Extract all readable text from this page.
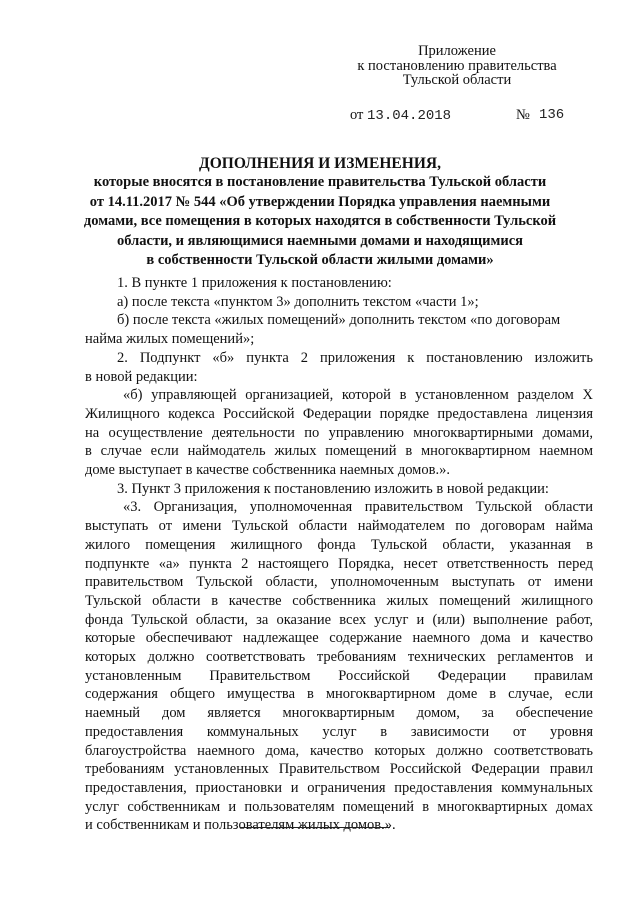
Приложение
к постановлению правительства
Тульской области
от 13.04.2018	№ 136
ДОПОЛНЕНИЯ И ИЗМЕНЕНИЯ,
которые вносятся в постановление правительства Тульской области
от 14.11.2017 № 544 «Об утверждении Порядка управления наемными
домами, все помещения в которых находятся в собственности Тульской
области, и являющимися наемными домами и находящимися
в собственности Тульской области жилыми домами»
1. В пункте 1 приложения к постановлению:
а) после текста «пунктом 3» дополнить текстом «части 1»;
б) после текста «жилых помещений» дополнить текстом «по договорам
найма жилых помещений»;
2. Подпункт «б» пункта 2 приложения к постановлению изложить
в новой редакции:
«б) управляющей организацией, которой в установленном разделом X
Жилищного кодекса Российской Федерации порядке предоставлена лицензия
на осуществление деятельности по управлению многоквартирными домами,
в случае если наймодатель жилых помещений в многоквартирном наемном
доме выступает в качестве собственника наемных домов.».
3. Пункт 3 приложения к постановлению изложить в новой редакции:
«3. Организация, уполномоченная правительством Тульской области
выступать от имени Тульской области наймодателем по договорам найма
жилого помещения жилищного фонда Тульской области, указанная в
подпункте «а» пункта 2 настоящего Порядка, несет ответственность перед
правительством Тульской области, уполномоченным выступать от имени
Тульской области в качестве собственника жилых помещений жилищного
фонда Тульской области, за оказание всех услуг и (или) выполнение работ,
которые обеспечивают надлежащее содержание наемного дома и качество
которых должно соответствовать требованиям технических регламентов и
установленным Правительством Российской Федерации правилам
содержания общего имущества в многоквартирном доме в случае, если
наемный дом является многоквартирным домом, за обеспечение
предоставления коммунальных услуг в зависимости от уровня
благоустройства наемного дома, качество которых должно соответствовать
требованиям установленных Правительством Российской Федерации правил
предоставления, приостановки и ограничения предоставления коммунальных
услуг собственникам и пользователям помещений в многоквартирных домах
и собственникам и пользователям жилых домов.».
